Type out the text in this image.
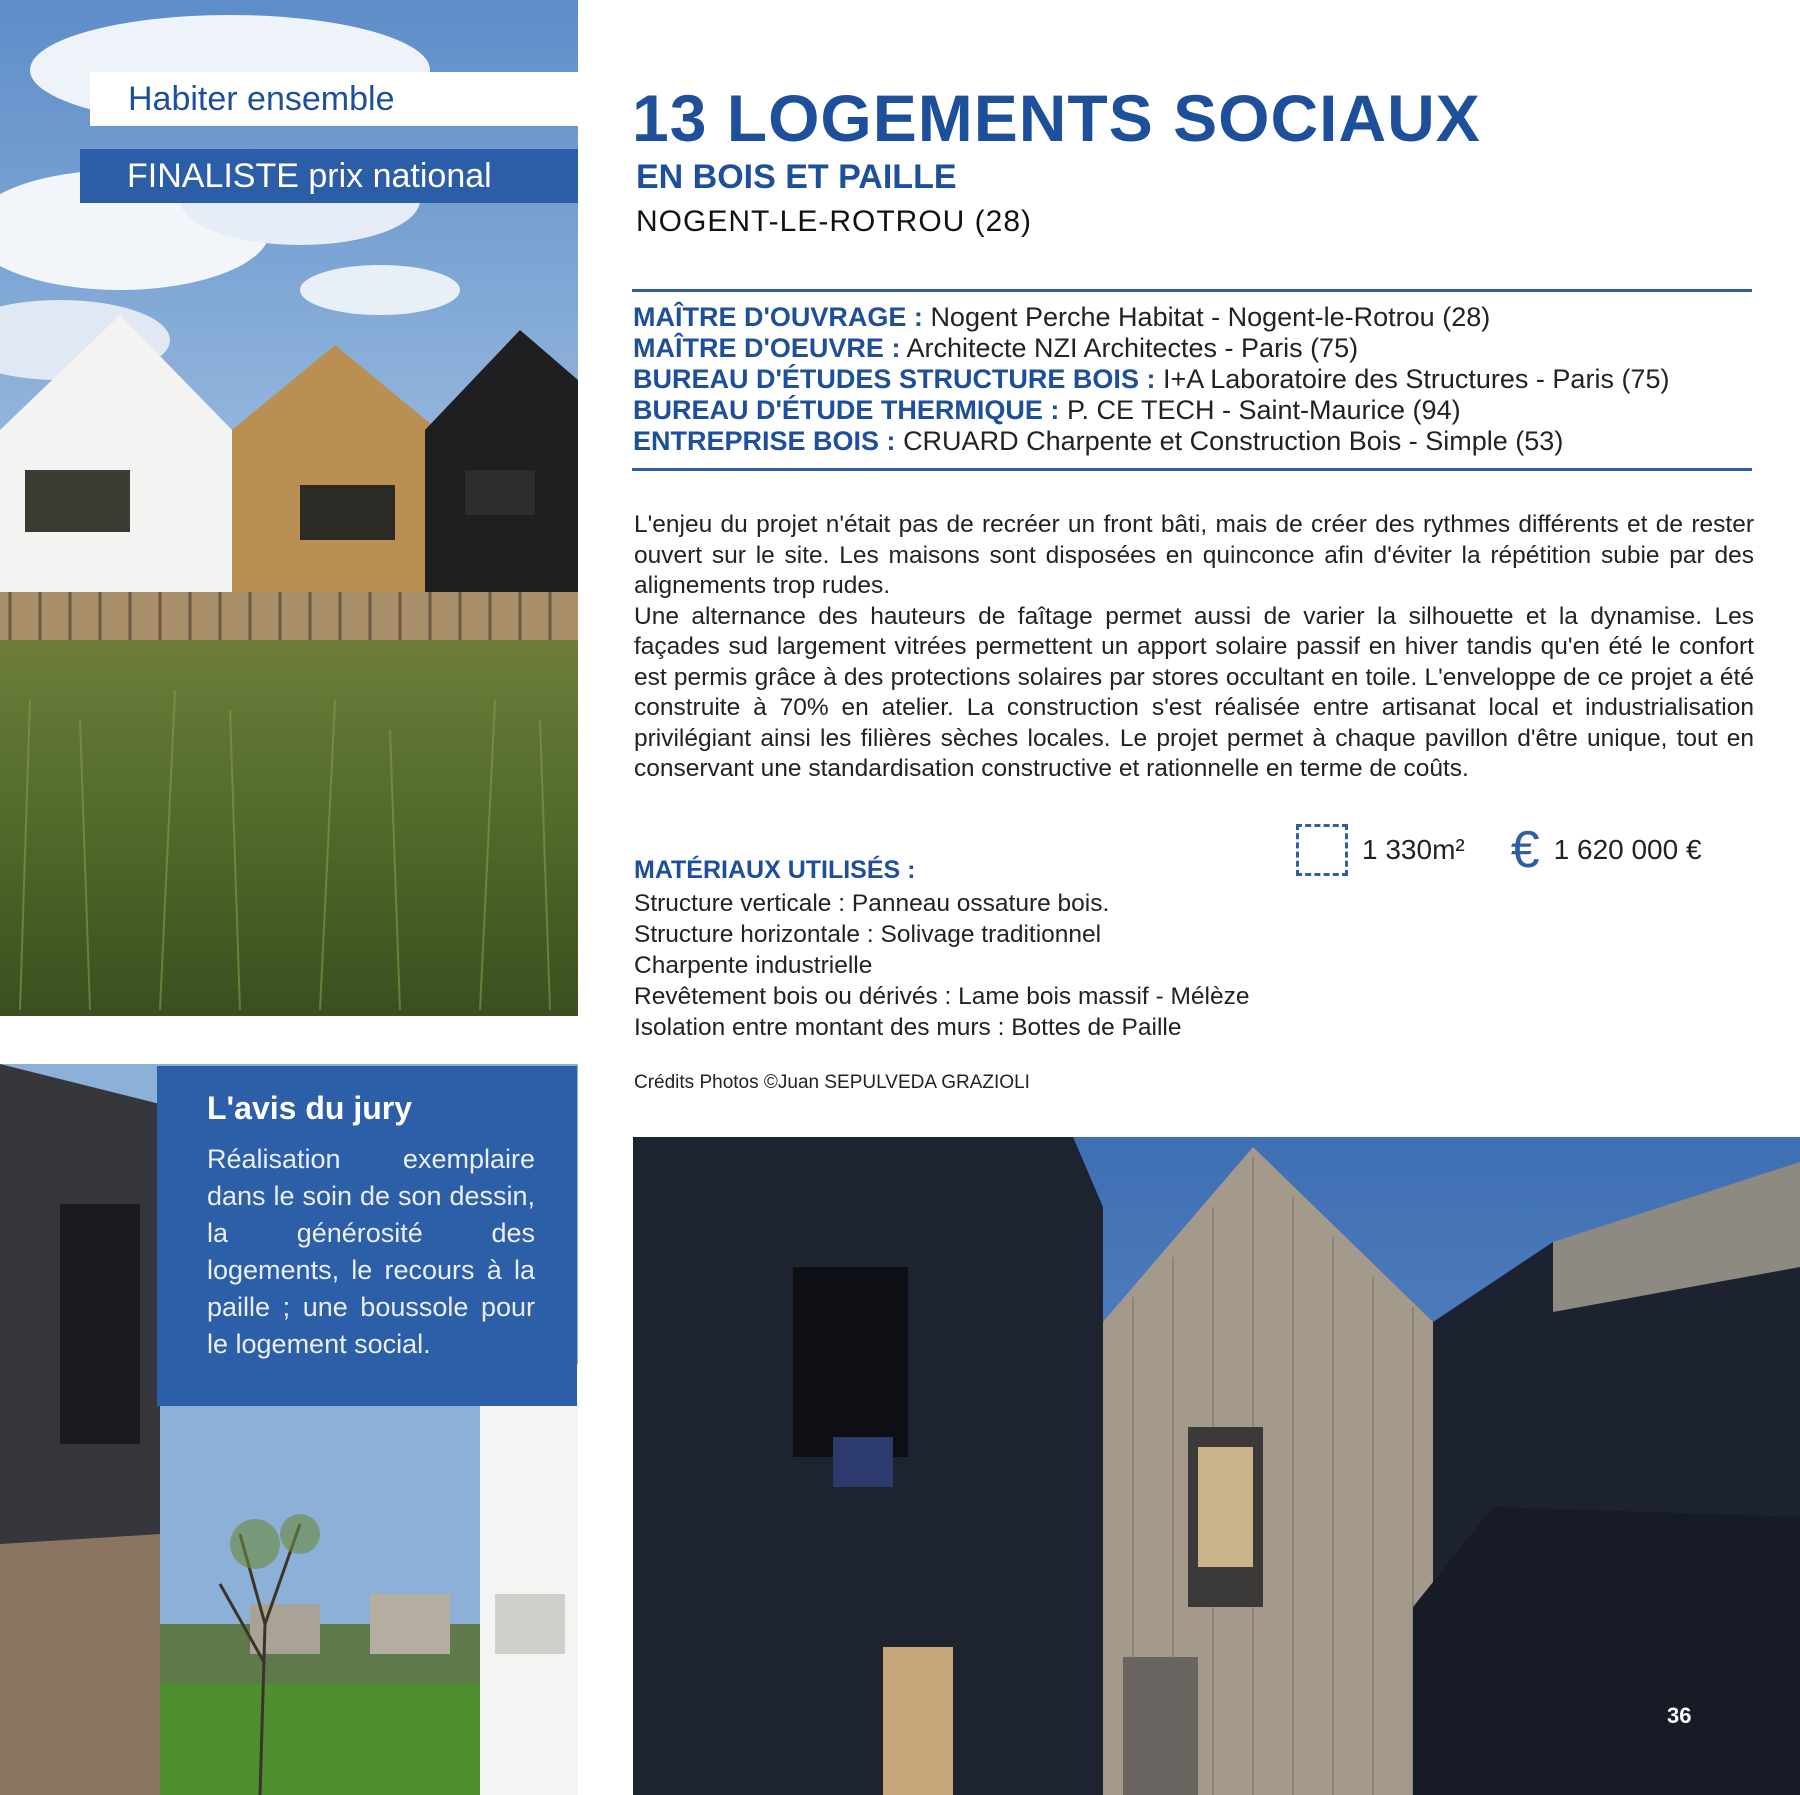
Habiter ensemble
FINALISTE prix national
L'avis du jury
Réalisation exemplaire dans le soin de son dessin, la générosité des logements, le recours à la paille ; une boussole pour le logement social.
13 LOGEMENTS SOCIAUX
EN BOIS ET PAILLE
NOGENT-LE-ROTROU (28)
MAÎTRE D'OUVRAGE : Nogent Perche Habitat - Nogent-le-Rotrou (28)
MAÎTRE D'OEUVRE : Architecte NZI Architectes - Paris (75)
BUREAU D'ÉTUDES STRUCTURE BOIS : I+A Laboratoire des Structures - Paris (75)
BUREAU D'ÉTUDE THERMIQUE : P. CE TECH - Saint-Maurice (94)
ENTREPRISE BOIS : CRUARD Charpente et Construction Bois - Simple (53)

L'enjeu du projet n'était pas de recréer un front bâti, mais de créer des rythmes différents et de rester ouvert sur le site. Les maisons sont disposées en quinconce afin d'éviter la répétition subie par des alignements trop rudes.

Une alternance des hauteurs de faîtage permet aussi de varier la silhouette et la dynamise. Les façades sud largement vitrées permettent un apport solaire passif en hiver tandis qu'en été le confort est permis grâce à des protections solaires par stores occultant en toile. L'enveloppe de ce projet a été construite à 70% en atelier. La construction s'est réalisée entre artisanat local et industrialisation privilégiant ainsi les filières sèches locales. Le projet permet à chaque pavillon d'être unique, tout en conservant une standardisation constructive et rationnelle en terme de coûts.

1 330m² € 1 620 000 €
MATÉRIAUX UTILISÉS :
Structure verticale : Panneau ossature bois.
Structure horizontale : Solivage traditionnel
Charpente industrielle
Revêtement bois ou dérivés : Lame bois massif - Mélèze
Isolation entre montant des murs : Bottes de Paille
Crédits Photos ©Juan SEPULVEDA GRAZIOLI
36
